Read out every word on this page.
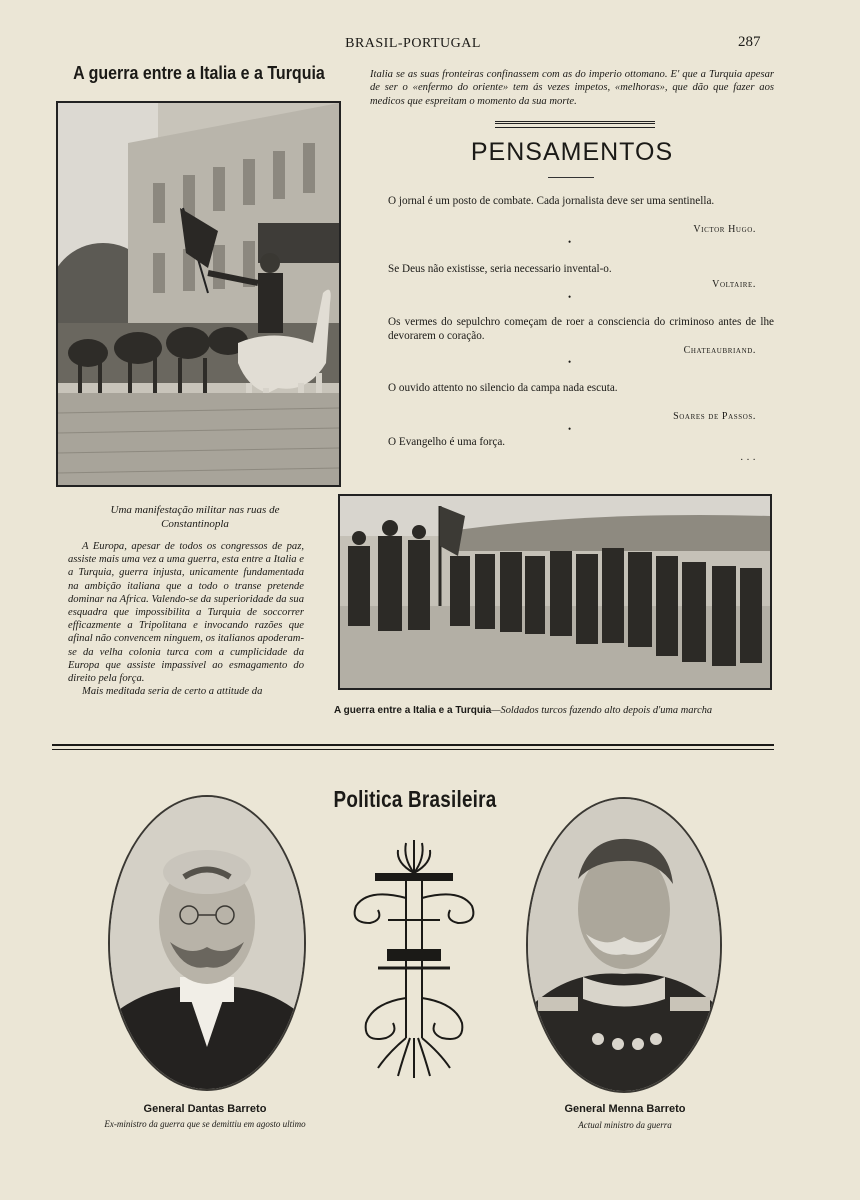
BRASIL-PORTUGAL	287
A guerra entre a Italia e a Turquia
Uma manifestação militar nas ruas de Constantinopla

A Europa, apesar de todos os congressos de paz, assiste mais uma vez a uma guerra, esta entre a Italia e a Turquia, guerra injusta, unicamente fundamentada na ambição italiana que a todo o transe pretende dominar na Africa. Valendo-se da superioridade da sua esquadra que impossibilita a Turquia de soccorrer efficazmente a Tripolitana e invocando razões que afinal não convencem ninguem, os italianos apoderam-se da velha colonia turca com a cumplicidade da Europa que assiste impassivel ao esmagamento do direito pela força.

Mais meditada seria de certo a attitude da

Italia se as suas fronteiras confinassem com as do imperio ottomano. E' que a Turquia apesar de ser o «enfermo do oriente» tem ás vezes impetos, «melhoras», que dão que fazer aos medicos que espreitam o momento da sua morte.
PENSAMENTOS
O jornal é um posto de combate. Cada jornalista deve ser uma sentinella.
Victor Hugo.
•
Se Deus não existisse, seria necessario invental-o.
Voltaire.
•
Os vermes do sepulchro começam de roer a consciencia do criminoso antes de lhe devorarem o coração.
Chateaubriand.
•
O ouvido attento no silencio da campa nada escuta.
Soares de Passos.
•
O Evangelho é uma força.
. . .
A guerra entre a Italia e a Turquia—Soldados turcos fazendo alto depois d'uma marcha
Politica Brasileira
General Dantas Barreto
Ex-ministro da guerra que se demittiu em agosto ultimo
General Menna Barreto
Actual ministro da guerra
